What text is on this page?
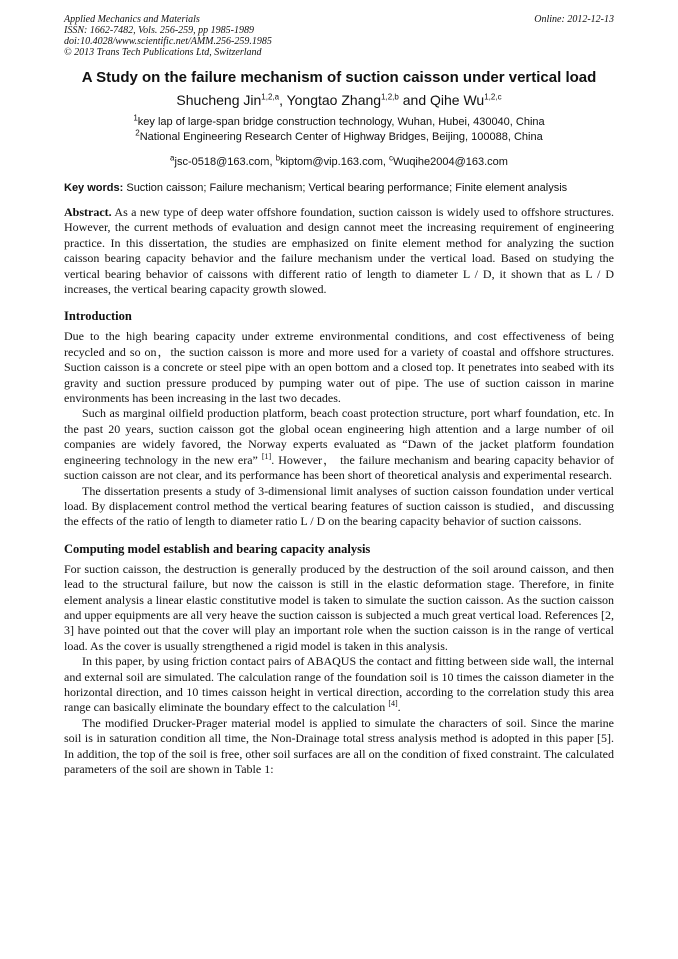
Applied Mechanics and Materials
ISSN: 1662-7482, Vols. 256-259, pp 1985-1989
doi:10.4028/www.scientific.net/AMM.256-259.1985
© 2013 Trans Tech Publications Ltd, Switzerland
Online: 2012-12-13
A Study on the failure mechanism of suction caisson under vertical load
Shucheng Jin$^{1,2,a}$, Yongtao Zhang$^{1,2,b}$ and Qihe Wu$^{1,2,c}$
$^1$key lap of large-span bridge construction technology, Wuhan, Hubei, 430040, China
$^2$National Engineering Research Center of Highway Bridges, Beijing, 100088, China
$^a$jsc-0518@163.com, $^b$kiptom@vip.163.com, $^c$Wuqihe2004@163.com
Key words: Suction caisson; Failure mechanism; Vertical bearing performance; Finite element analysis
Abstract. As a new type of deep water offshore foundation, suction caisson is widely used to offshore structures. However, the current methods of evaluation and design cannot meet the increasing requirement of engineering practice. In this dissertation, the studies are emphasized on finite element method for analyzing the suction caisson bearing capacity behavior and the failure mechanism under the vertical load. Based on studying the vertical bearing behavior of caissons with different ratio of length to diameter L / D, it shown that as L / D increases, the vertical bearing capacity growth slowed.
Introduction

Due to the high bearing capacity under extreme environmental conditions, and cost effectiveness of being recycled and so on，the suction caisson is more and more used for a variety of coastal and offshore structures. Suction caisson is a concrete or steel pipe with an open bottom and a closed top. It penetrates into seabed with its gravity and suction pressure produced by pumping water out of pipe. The use of suction caisson in marine environments has been increasing in the last two decades.

Such as marginal oilfield production platform, beach coast protection structure, port wharf foundation, etc. In the past 20 years, suction caisson got the global ocean engineering high attention and a large number of oil companies are widely favored, the Norway experts evaluated as “Dawn of the jacket platform foundation engineering technology in the new era” [1]. However， the failure mechanism and bearing capacity behavior of suction caisson are not clear, and its performance has been short of theoretical analysis and experimental research.

The dissertation presents a study of 3-dimensional limit analyses of suction caisson foundation under vertical load. By displacement control method the vertical bearing features of suction caisson is studied，and discussing the effects of the ratio of length to diameter ratio L / D on the bearing capacity behavior of suction caissons.

Computing model establish and bearing capacity analysis

For suction caisson, the destruction is generally produced by the destruction of the soil around caisson, and then lead to the structural failure, but now the caisson is still in the elastic deformation stage. Therefore, in finite element analysis a linear elastic constitutive model is taken to simulate the suction caisson. As the suction caisson and upper equipments are all very heave the suction caisson is subjected a much great vertical load. References [2, 3] have pointed out that the cover will play an important role when the suction caisson is in the range of vertical load. As the cover is usually strengthened a rigid model is taken in this analysis.

In this paper, by using friction contact pairs of ABAQUS the contact and fitting between side wall, the internal and external soil are simulated. The calculation range of the foundation soil is 10 times the caisson diameter in the horizontal direction, and 10 times caisson height in vertical direction, according to the correlation study this area range can basically eliminate the boundary effect to the calculation [4].

The modified Drucker-Prager material model is applied to simulate the characters of soil. Since the marine soil is in saturation condition all time, the Non-Drainage total stress analysis method is adopted in this paper [5]. In addition, the top of the soil is free, other soil surfaces are all on the condition of fixed constraint. The calculated parameters of the soil are shown in Table 1:
